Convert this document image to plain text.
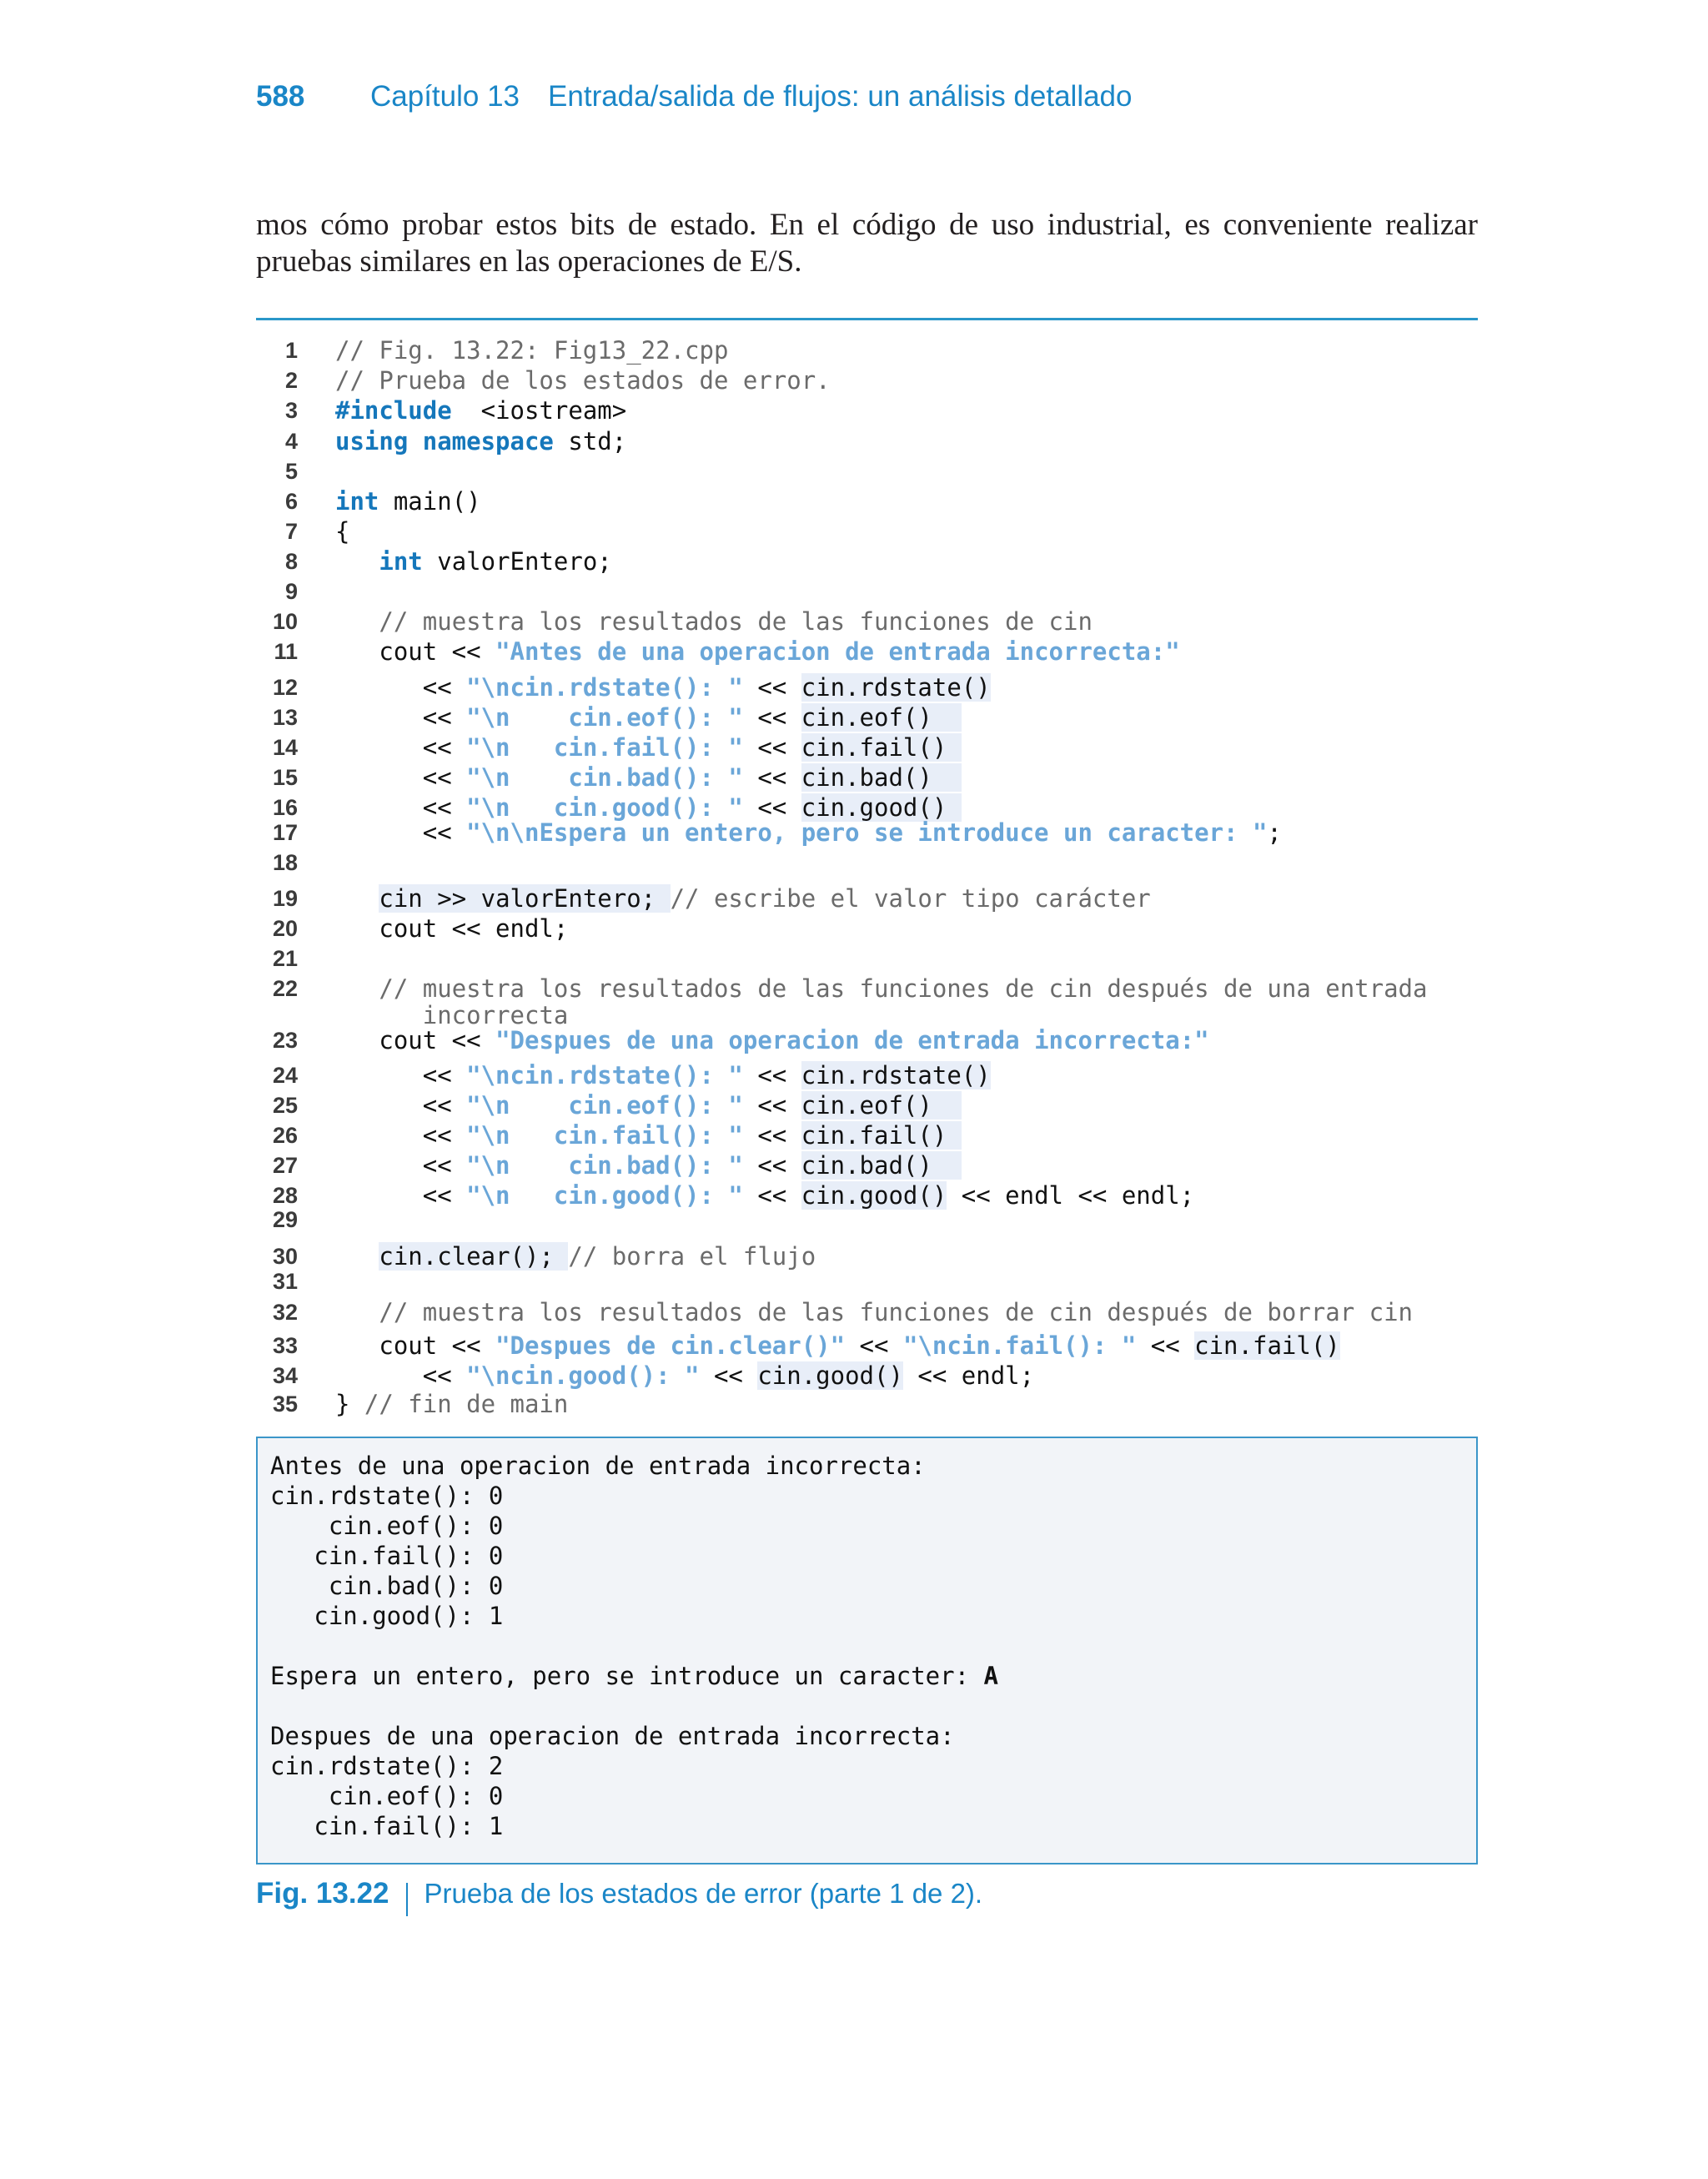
588 Capítulo 13 Entrada/salida de flujos: un análisis detallado
mos cómo probar estos bits de estado. En el código de uso industrial, es conveniente realizar pruebas similares en las operaciones de E/S.
1 // Fig. 13.22: Fig13_22.cpp
2 // Prueba de los estados de error.
3 #include  <iostream>
4 using namespace std;
5
6 int main()
7 {
8	int valorEntero;
9
10	// muestra los resultados de las funciones de cin
11 cout << "Antes de una operacion de entrada incorrecta:"
12 << "\ncin.rdstate(): " << cin.rdstate()
13 << "\n    cin.eof(): " << cin.eof()
14 << "\n   cin.fail(): " << cin.fail()
15 << "\n    cin.bad(): " << cin.bad()
16 << "\n   cin.good(): " << cin.good()
17 << "\n\nEspera un entero, pero se introduce un caracter: ";
18
19	cin >> valorEntero; // escribe el valor tipo carácter
20 cout << endl;
21
22	// muestra los resultados de las funciones de cin después de una entrada
incorrecta
23 cout << "Despues de una operacion de entrada incorrecta:"
24 << "\ncin.rdstate(): " << cin.rdstate()
25 << "\n    cin.eof(): " << cin.eof()
26 << "\n   cin.fail(): " << cin.fail()
27 << "\n    cin.bad(): " << cin.bad()
28 << "\n   cin.good(): " << cin.good() << endl << endl;
29
30	cin.clear(); // borra el flujo
31
32	// muestra los resultados de las funciones de cin después de borrar cin
33 cout << "Despues de cin.clear()" << "\ncin.fail(): " << cin.fail()
34 << "\ncin.good(): " << cin.good() << endl;
35 } // fin de main
Antes de una operacion de entrada incorrecta:
cin.rdstate(): 0
cin.eof(): 0
cin.fail(): 0
cin.bad(): 0
cin.good(): 1
Espera un entero, pero se introduce un caracter: A
Despues de una operacion de entrada incorrecta:
cin.rdstate(): 2
cin.eof(): 0
cin.fail(): 1
Fig. 13.22 Prueba de los estados de error (parte 1 de 2).
